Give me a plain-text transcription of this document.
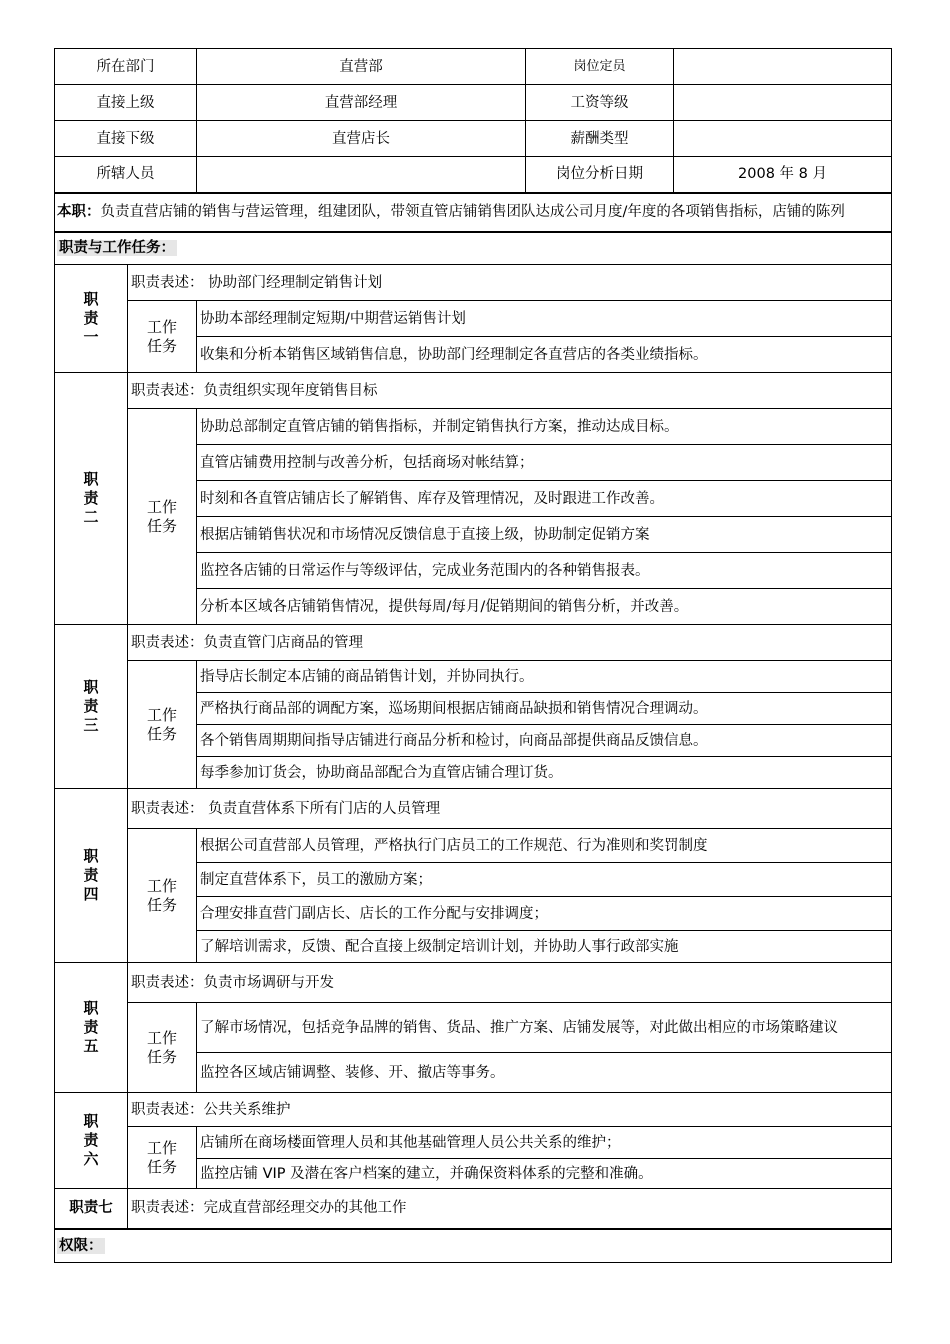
所在部门		直营部	岗位定员	
直接上级		直营部经理	工资等级	
直接下级		直营店长	薪酬类型	
所辖人员			岗位分析日期	2008 年 8 月
本职：负责直营店铺的销售与营运管理，组建团队，带领直管店铺销售团队达成公司月度/年度的各项销售指标，店铺的陈列				
职责与工作任务：				

职
责
一	职责表述： 协助部门经理制定销售计划			

	工作
任务	协助本部经理制定短期/中期营运销售计划		
		收集和分析本销售区域销售信息，协助部门经理制定各直营店的各类业绩指标。		

职
责
二	职责表述：负责组织实现年度销售目标			

	工作
任务	协助总部制定直管店铺的销售指标，并制定销售执行方案，推动达成目标。		
		直管店铺费用控制与改善分析，包括商场对帐结算；		
		时刻和各直管店铺店长了解销售、库存及管理情况，及时跟进工作改善。		
		根据店铺销售状况和市场情况反馈信息于直接上级，协助制定促销方案		
		监控各店铺的日常运作与等级评估，完成业务范围内的各种销售报表。		
		分析本区域各店铺销售情况，提供每周/每月/促销期间的销售分析，并改善。		

职
责
三	职责表述：负责直管门店商品的管理			

	工作
任务	指导店长制定本店铺的商品销售计划，并协同执行。		
		严格执行商品部的调配方案，巡场期间根据店铺商品缺损和销售情况合理调动。		
		各个销售周期期间指导店铺进行商品分析和检讨，向商品部提供商品反馈信息。		
		每季参加订货会，协助商品部配合为直管店铺合理订货。		

职
责
四	职责表述： 负责直营体系下所有门店的人员管理			

	工作
任务	根据公司直营部人员管理，严格执行门店员工的工作规范、行为准则和奖罚制度		
		制定直营体系下，员工的激励方案；		
		合理安排直营门副店长、店长的工作分配与安排调度；		
		了解培训需求，反馈、配合直接上级制定培训计划，并协助人事行政部实施		

职
责
五	职责表述：负责市场调研与开发			

	工作
任务	了解市场情况，包括竞争品牌的销售、货品、推广方案、店铺发展等，对此做出相应的市场策略建议		
		监控各区域店铺调整、装修、开、撤店等事务。		

职
责
六	职责表述：公共关系维护			

	工作
任务	店铺所在商场楼面管理人员和其他基础管理人员公共关系的维护；		
		监控店铺 VIP 及潜在客户档案的建立，并确保资料体系的完整和准确。		
职责七	职责表述：完成直营部经理交办的其他工作			
权限：				
